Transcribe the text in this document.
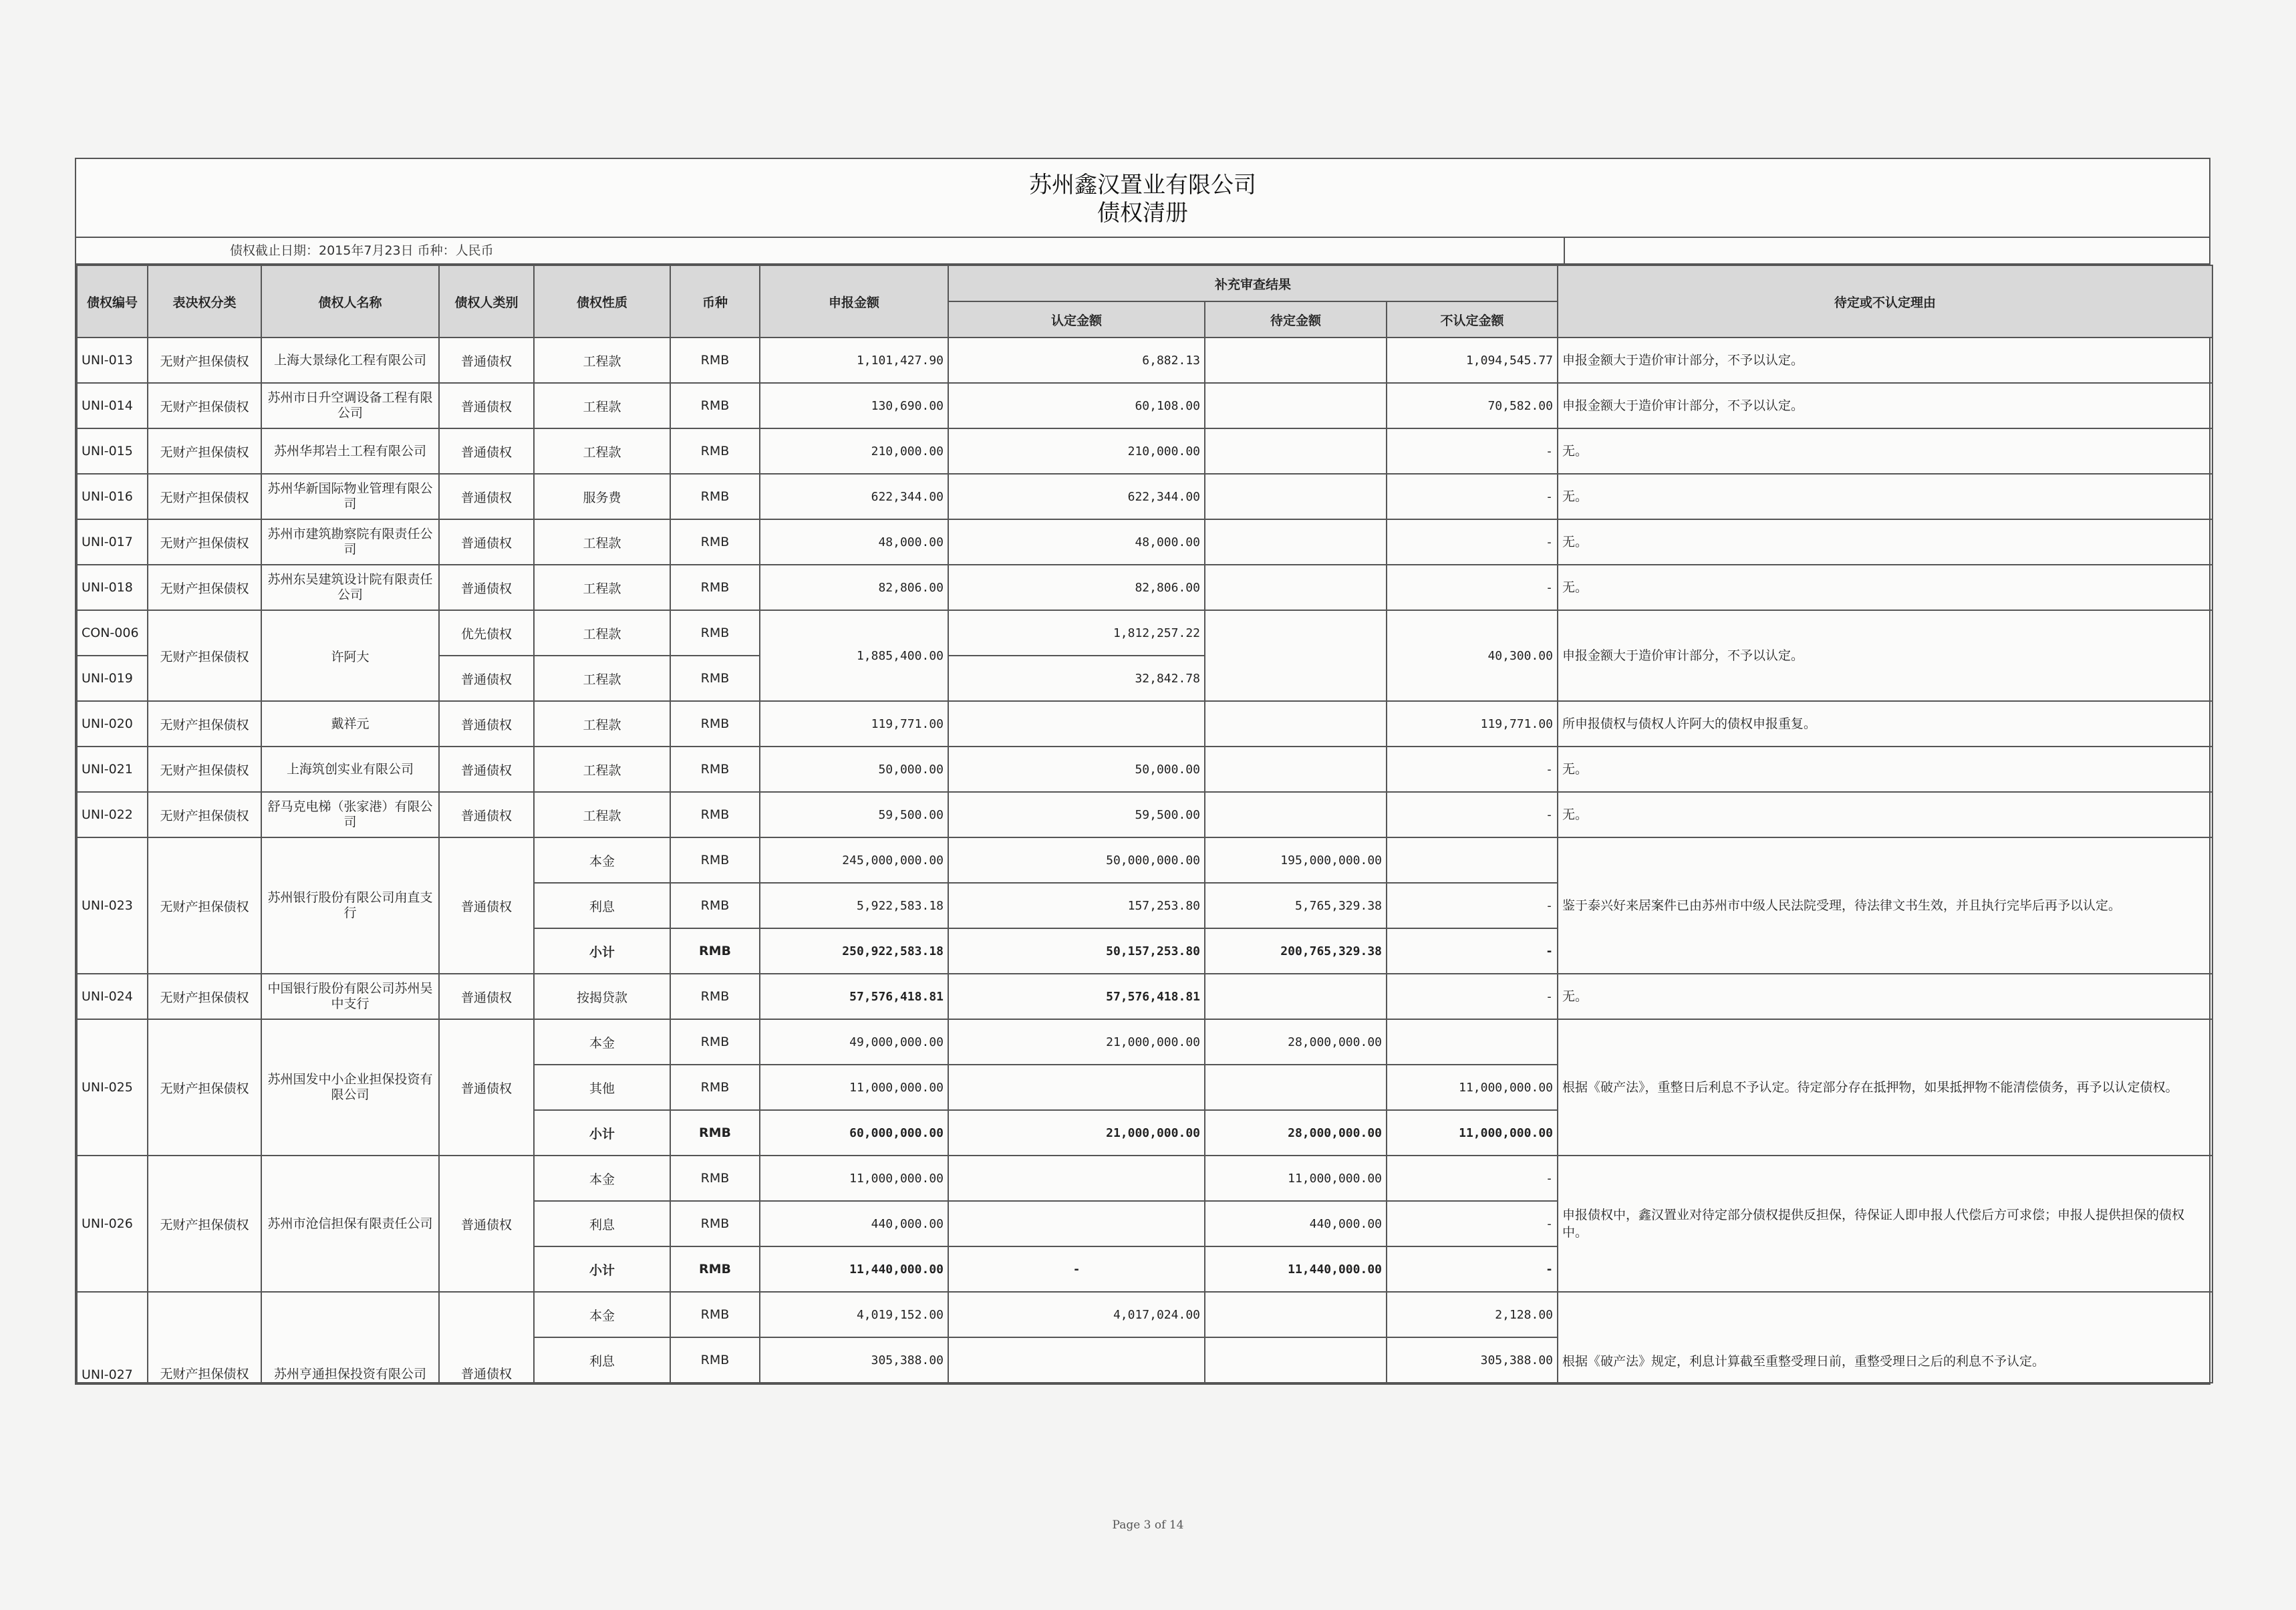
苏州鑫汉置业有限公司
债权清册
债权截止日期：2015年7月23日 币种：人民币
债权编号	表决权分类	债权人名称	债权人类别	债权性质	币种	申报金额	补充审查结果			待定或不认定理由
							认定金额	待定金额	不认定金额	
UNI-013	无财产担保债权	上海大景绿化工程有限公司	普通债权	工程款	RMB	1,101,427.90	6,882.13		1,094,545.77	申报金额大于造价审计部分，不予以认定。
UNI-014	无财产担保债权	苏州市日升空调设备工程有限公司	普通债权	工程款	RMB	130,690.00	60,108.00		70,582.00	申报金额大于造价审计部分，不予以认定。
UNI-015	无财产担保债权	苏州华邦岩土工程有限公司	普通债权	工程款	RMB	210,000.00	210,000.00		-	无。
UNI-016	无财产担保债权	苏州华新国际物业管理有限公司	普通债权	服务费	RMB	622,344.00	622,344.00		-	无。
UNI-017	无财产担保债权	苏州市建筑勘察院有限责任公司	普通债权	工程款	RMB	48,000.00	48,000.00		-	无。
UNI-018	无财产担保债权	苏州东吴建筑设计院有限责任公司	普通债权	工程款	RMB	82,806.00	82,806.00		-	无。
CON-006	无财产担保债权	许阿大	优先债权	工程款	RMB	1,885,400.00	1,812,257.22		40,300.00	申报金额大于造价审计部分，不予以认定。
UNI-019			普通债权	工程款	RMB		32,842.78			
UNI-020	无财产担保债权	戴祥元	普通债权	工程款	RMB	119,771.00			119,771.00	所申报债权与债权人许阿大的债权申报重复。
UNI-021	无财产担保债权	上海筑创实业有限公司	普通债权	工程款	RMB	50,000.00	50,000.00		-	无。
UNI-022	无财产担保债权	舒马克电梯（张家港）有限公司	普通债权	工程款	RMB	59,500.00	59,500.00		-	无。
UNI-023	无财产担保债权	苏州银行股份有限公司甪直支行	普通债权	本金	RMB	245,000,000.00	50,000,000.00	195,000,000.00		鉴于泰兴好来居案件已由苏州市中级人民法院受理，待法律文书生效，并且执行完毕后再予以认定。
				利息	RMB	5,922,583.18	157,253.80	5,765,329.38	-	
				小计	RMB	250,922,583.18	50,157,253.80	200,765,329.38	-	
UNI-024	无财产担保债权	中国银行股份有限公司苏州吴中支行	普通债权	按揭贷款	RMB	57,576,418.81	57,576,418.81		-	无。
UNI-025	无财产担保债权	苏州国发中小企业担保投资有限公司	普通债权	本金	RMB	49,000,000.00	21,000,000.00	28,000,000.00		根据《破产法》，重整日后利息不予认定。待定部分存在抵押物，如果抵押物不能清偿债务，再予以认定债权。
				其他	RMB	11,000,000.00			11,000,000.00	
				小计	RMB	60,000,000.00	21,000,000.00	28,000,000.00	11,000,000.00	
UNI-026	无财产担保债权	苏州市沧信担保有限责任公司	普通债权	本金	RMB	11,000,000.00		11,000,000.00	-	申报债权中，鑫汉置业对待定部分债权提供反担保，待保证人即申报人代偿后方可求偿；申报人提供担保的债权中。
				利息	RMB	440,000.00		440,000.00	-	
				小计	RMB	11,440,000.00	-	11,440,000.00	-	
UNI-027	无财产担保债权	苏州亨通担保投资有限公司	普通债权	本金	RMB	4,019,152.00	4,017,024.00		2,128.00	根据《破产法》规定，利息计算截至重整受理日前，重整受理日之后的利息不予认定。
				利息	RMB	305,388.00			305,388.00	
Page 3 of 14
